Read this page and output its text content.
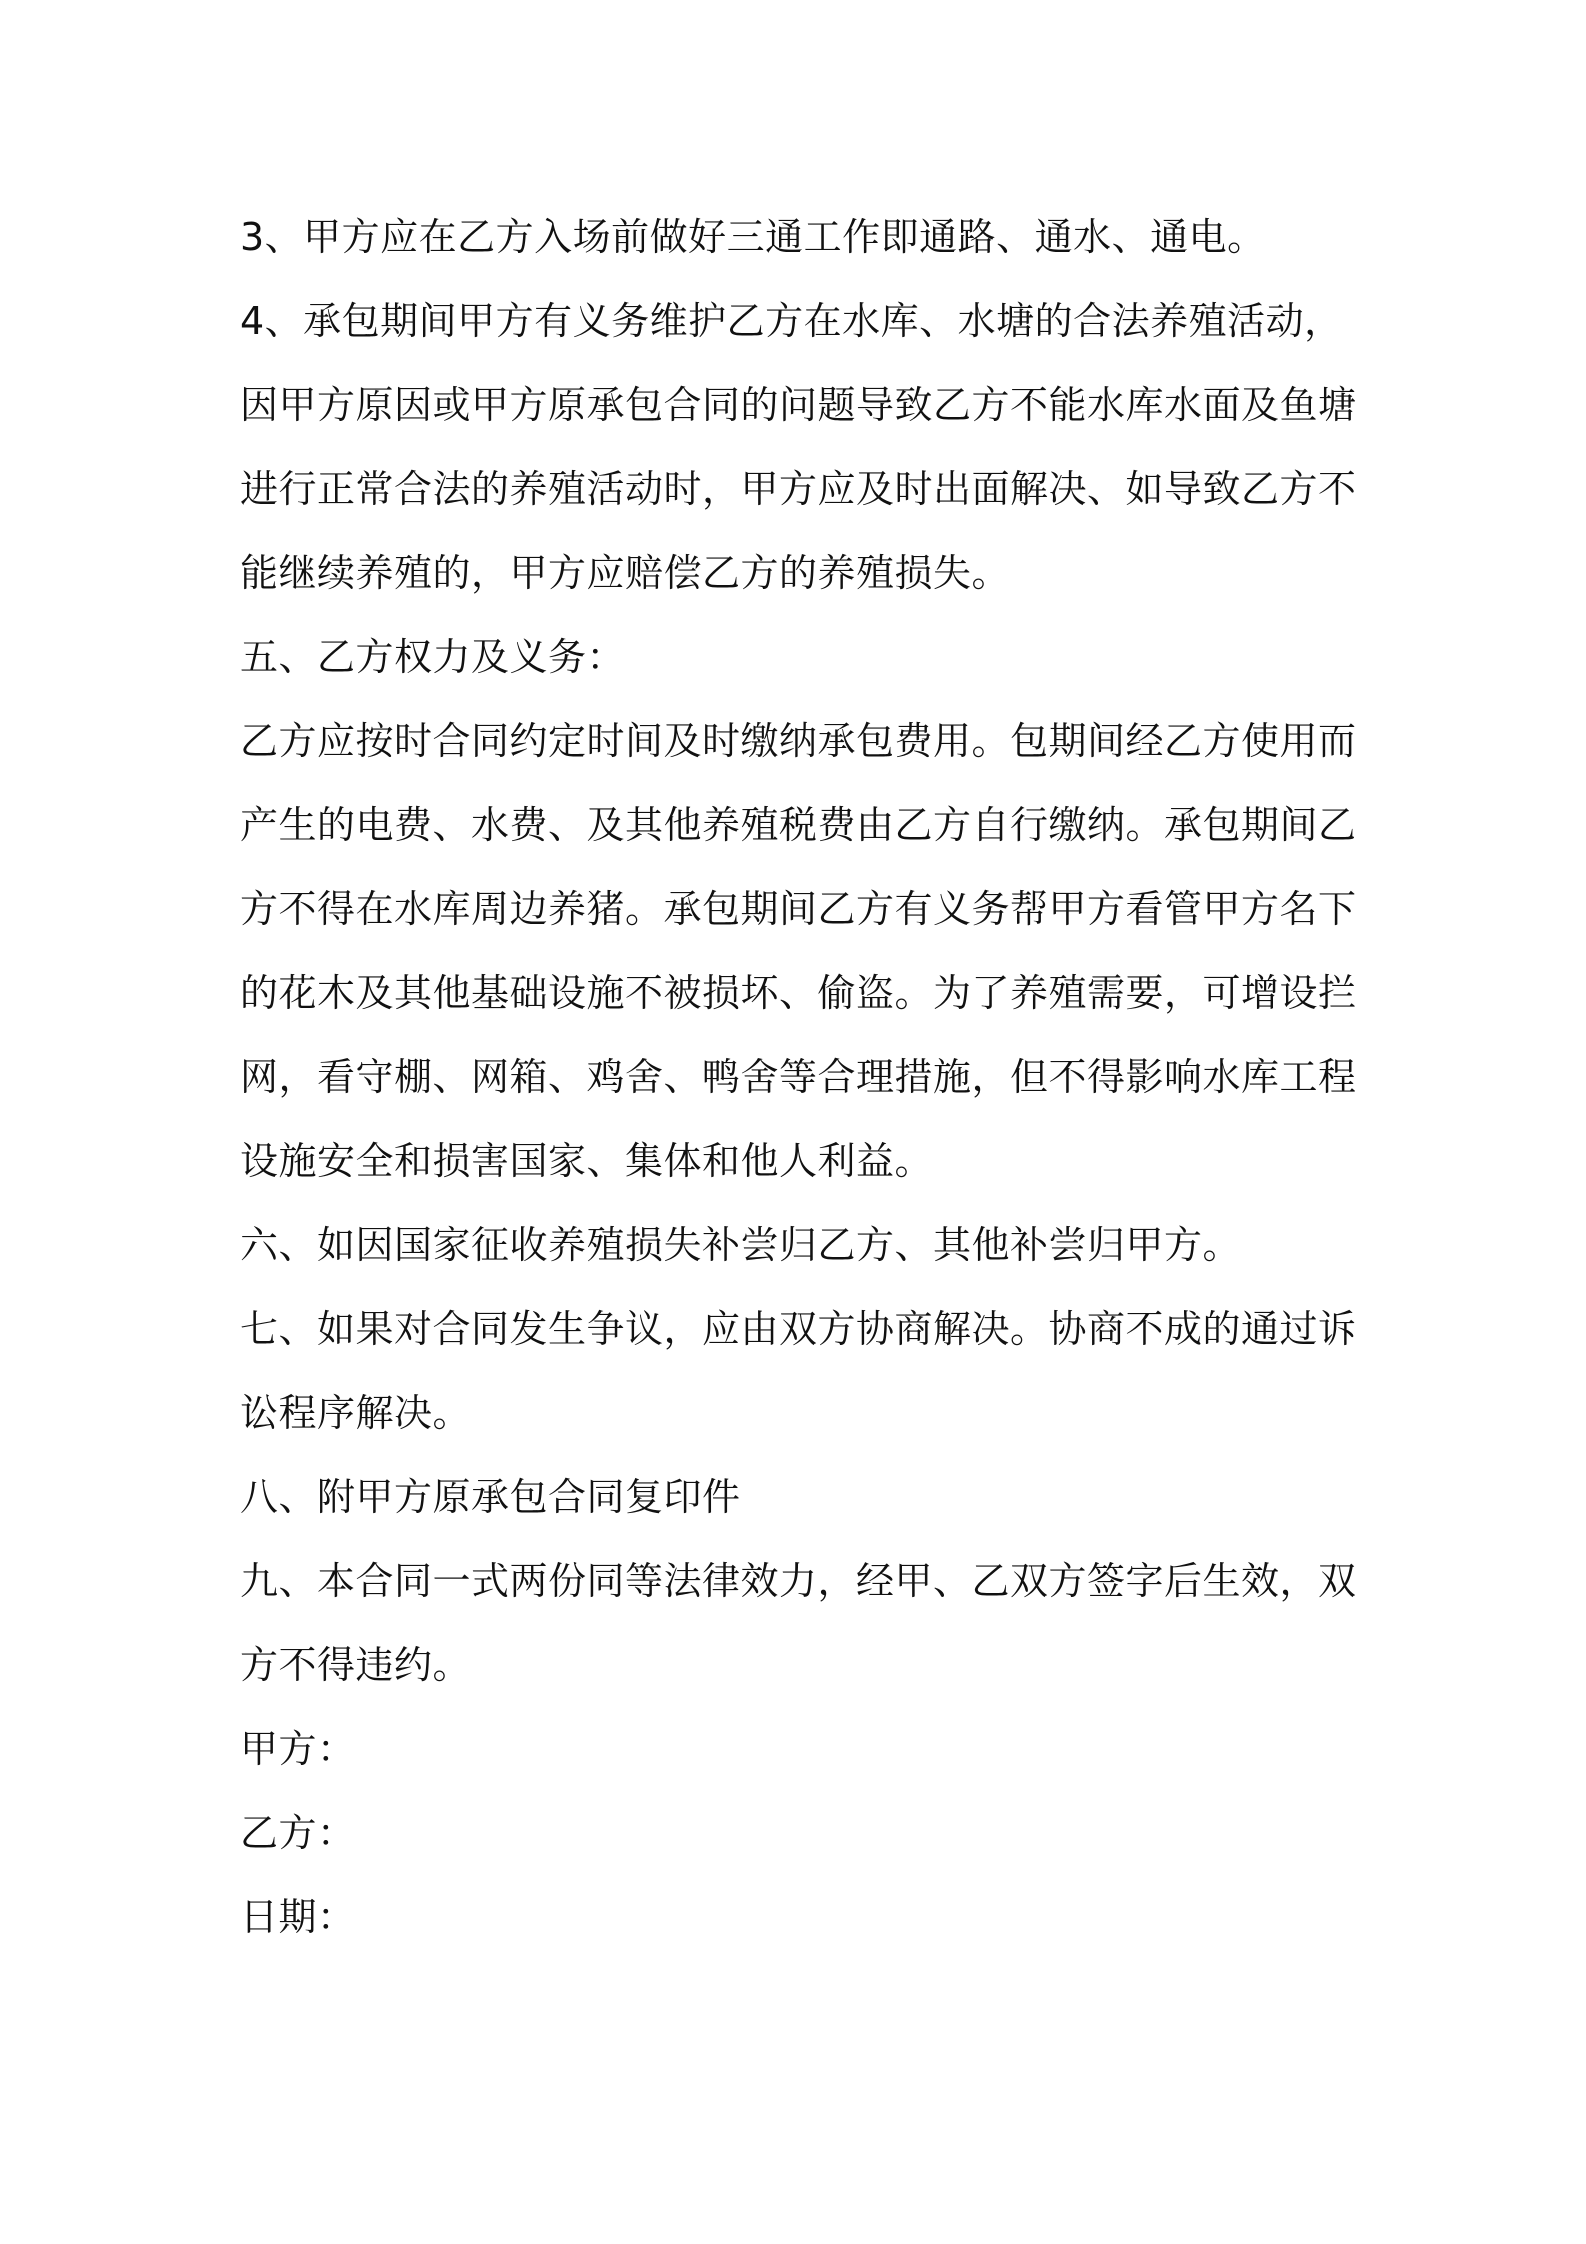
3、甲方应在乙方入场前做好三通工作即通路、通水、通电。

4、承包期间甲方有义务维护乙方在水库、水塘的合法养殖活动，因甲方原因或甲方原承包合同的问题导致乙方不能水库水面及鱼塘进行正常合法的养殖活动时，甲方应及时出面解决、如导致乙方不能继续养殖的，甲方应赔偿乙方的养殖损失。

五、乙方权力及义务：

乙方应按时合同约定时间及时缴纳承包费用。包期间经乙方使用而产生的电费、水费、及其他养殖税费由乙方自行缴纳。承包期间乙方不得在水库周边养猪。承包期间乙方有义务帮甲方看管甲方名下的花木及其他基础设施不被损坏、偷盗。为了养殖需要，可增设拦网，看守棚、网箱、鸡舍、鸭舍等合理措施，但不得影响水库工程设施安全和损害国家、集体和他人利益。

六、如因国家征收养殖损失补尝归乙方、其他补尝归甲方。

七、如果对合同发生争议，应由双方协商解决。协商不成的通过诉讼程序解决。

八、附甲方原承包合同复印件

九、本合同一式两份同等法律效力，经甲、乙双方签字后生效，双方不得违约。

甲方：

乙方：

日期：
